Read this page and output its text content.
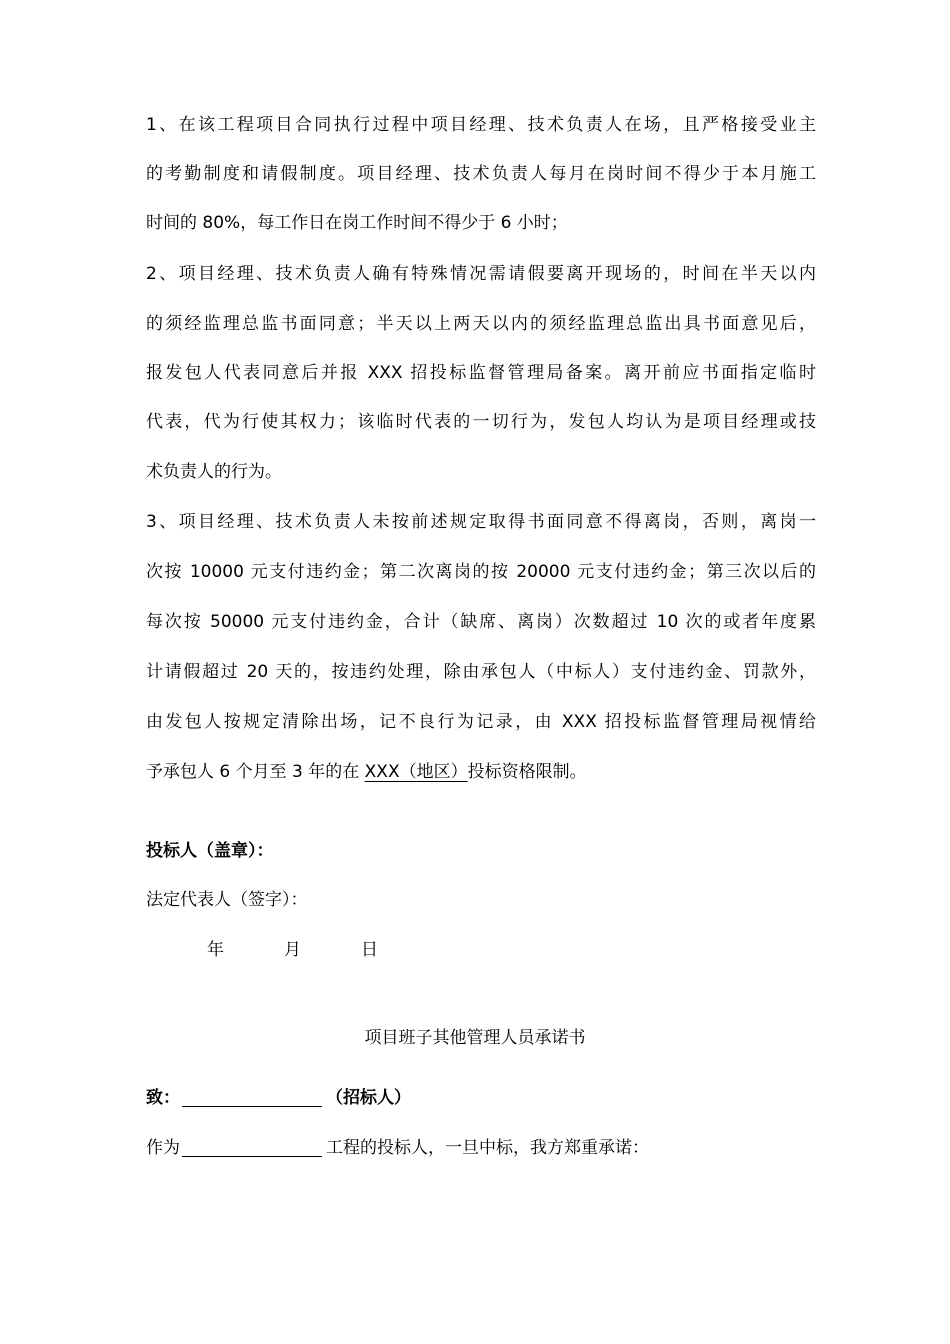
1、在该工程项目合同执行过程中项目经理、技术负责人在场，且严格接受业主
的考勤制度和请假制度。项目经理、技术负责人每月在岗时间不得少于本月施工
时间的 80%，每工作日在岗工作时间不得少于 6 小时；
2、项目经理、技术负责人确有特殊情况需请假要离开现场的，时间在半天以内
的须经监理总监书面同意；半天以上两天以内的须经监理总监出具书面意见后，
报发包人代表同意后并报 XXX 招投标监督管理局备案。离开前应书面指定临时
代表，代为行使其权力；该临时代表的一切行为，发包人均认为是项目经理或技
术负责人的行为。
3、项目经理、技术负责人未按前述规定取得书面同意不得离岗，否则，离岗一
次按 10000 元支付违约金；第二次离岗的按 20000 元支付违约金；第三次以后的
每次按 50000 元支付违约金，合计（缺席、离岗）次数超过 10 次的或者年度累
计请假超过 20 天的，按违约处理，除由承包人（中标人）支付违约金、罚款外，
由发包人按规定清除出场，记不良行为记录，由 XXX 招投标监督管理局视情给
予承包人 6 个月至 3 年的在 XXX（地区）投标资格限制。
投标人（盖章）：
法定代表人（签字）：
年	月	日
项目班子其他管理人员承诺书
致：	（招标人）
作为	工程的投标人，一旦中标，我方郑重承诺：
